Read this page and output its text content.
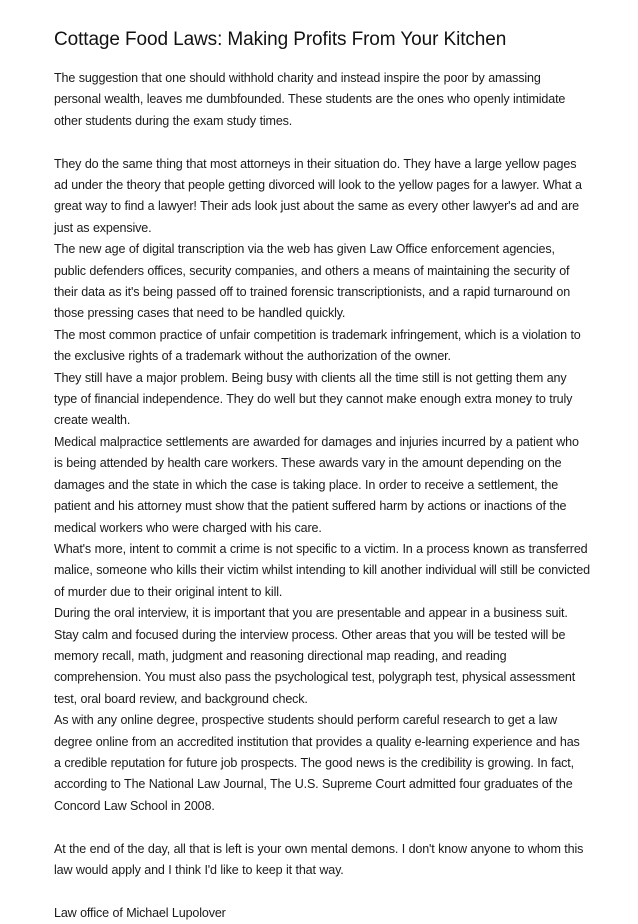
Cottage Food Laws: Making Profits From Your Kitchen

The suggestion that one should withhold charity and instead inspire the poor by amassing personal wealth, leaves me dumbfounded. These students are the ones who openly intimidate other students during the exam study times.

They do the same thing that most attorneys in their situation do. They have a large yellow pages ad under the theory that people getting divorced will look to the yellow pages for a lawyer. What a great way to find a lawyer! Their ads look just about the same as every other lawyer's ad and are just as expensive.

The new age of digital transcription via the web has given Law Office enforcement agencies, public defenders offices, security companies, and others a means of maintaining the security of their data as it's being passed off to trained forensic transcriptionists, and a rapid turnaround on those pressing cases that need to be handled quickly.

The most common practice of unfair competition is trademark infringement, which is a violation to the exclusive rights of a trademark without the authorization of the owner.

They still have a major problem. Being busy with clients all the time still is not getting them any type of financial independence. They do well but they cannot make enough extra money to truly create wealth.

Medical malpractice settlements are awarded for damages and injuries incurred by a patient who is being attended by health care workers. These awards vary in the amount depending on the damages and the state in which the case is taking place. In order to receive a settlement, the patient and his attorney must show that the patient suffered harm by actions or inactions of the medical workers who were charged with his care.

What's more, intent to commit a crime is not specific to a victim. In a process known as transferred malice, someone who kills their victim whilst intending to kill another individual will still be convicted of murder due to their original intent to kill.

During the oral interview, it is important that you are presentable and appear in a business suit. Stay calm and focused during the interview process. Other areas that you will be tested will be memory recall, math, judgment and reasoning directional map reading, and reading comprehension. You must also pass the psychological test, polygraph test, physical assessment test, oral board review, and background check.

As with any online degree, prospective students should perform careful research to get a law degree online from an accredited institution that provides a quality e-learning experience and has a credible reputation for future job prospects. The good news is the credibility is growing. In fact, according to The National Law Journal, The U.S. Supreme Court admitted four graduates of the Concord Law School in 2008.

At the end of the day, all that is left is your own mental demons. I don't know anyone to whom this law would apply and I think I'd like to keep it that way.

Law office of Michael Lupolover
